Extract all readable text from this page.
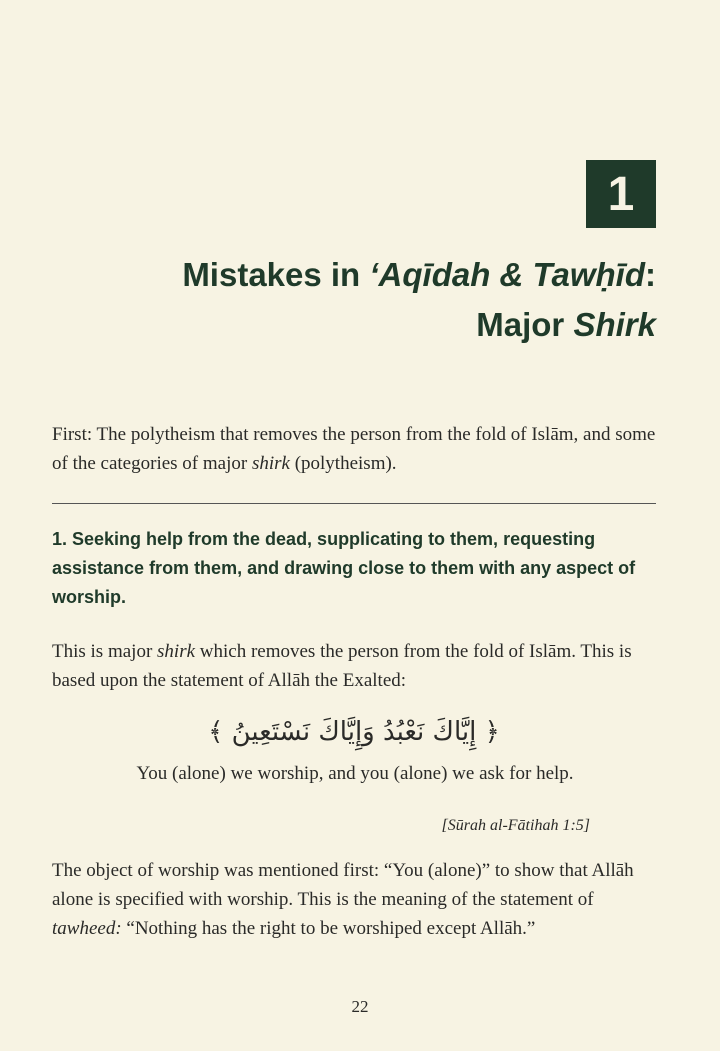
1
Mistakes in ‘Aqīdah & Tawḥīd:
Major Shirk

First: The polytheism that removes the person from the fold of Islām, and some of the categories of major shirk (polytheism).

1. Seeking help from the dead, supplicating to them, requesting assistance from them, and drawing close to them with any aspect of worship.

This is major shirk which removes the person from the fold of Islām. This is based upon the statement of Allāh the Exalted:

﴿ إِيَّاكَ نَعْبُدُ وَإِيَّاكَ نَسْتَعِينُ ﴾

You (alone) we worship, and you (alone) we ask for help.

[Sūrah al-Fātihah 1:5]

The object of worship was mentioned first: “You (alone)” to show that Allāh alone is specified with worship. This is the meaning of the statement of tawheed: “Nothing has the right to be worshiped except Allāh.”

22
